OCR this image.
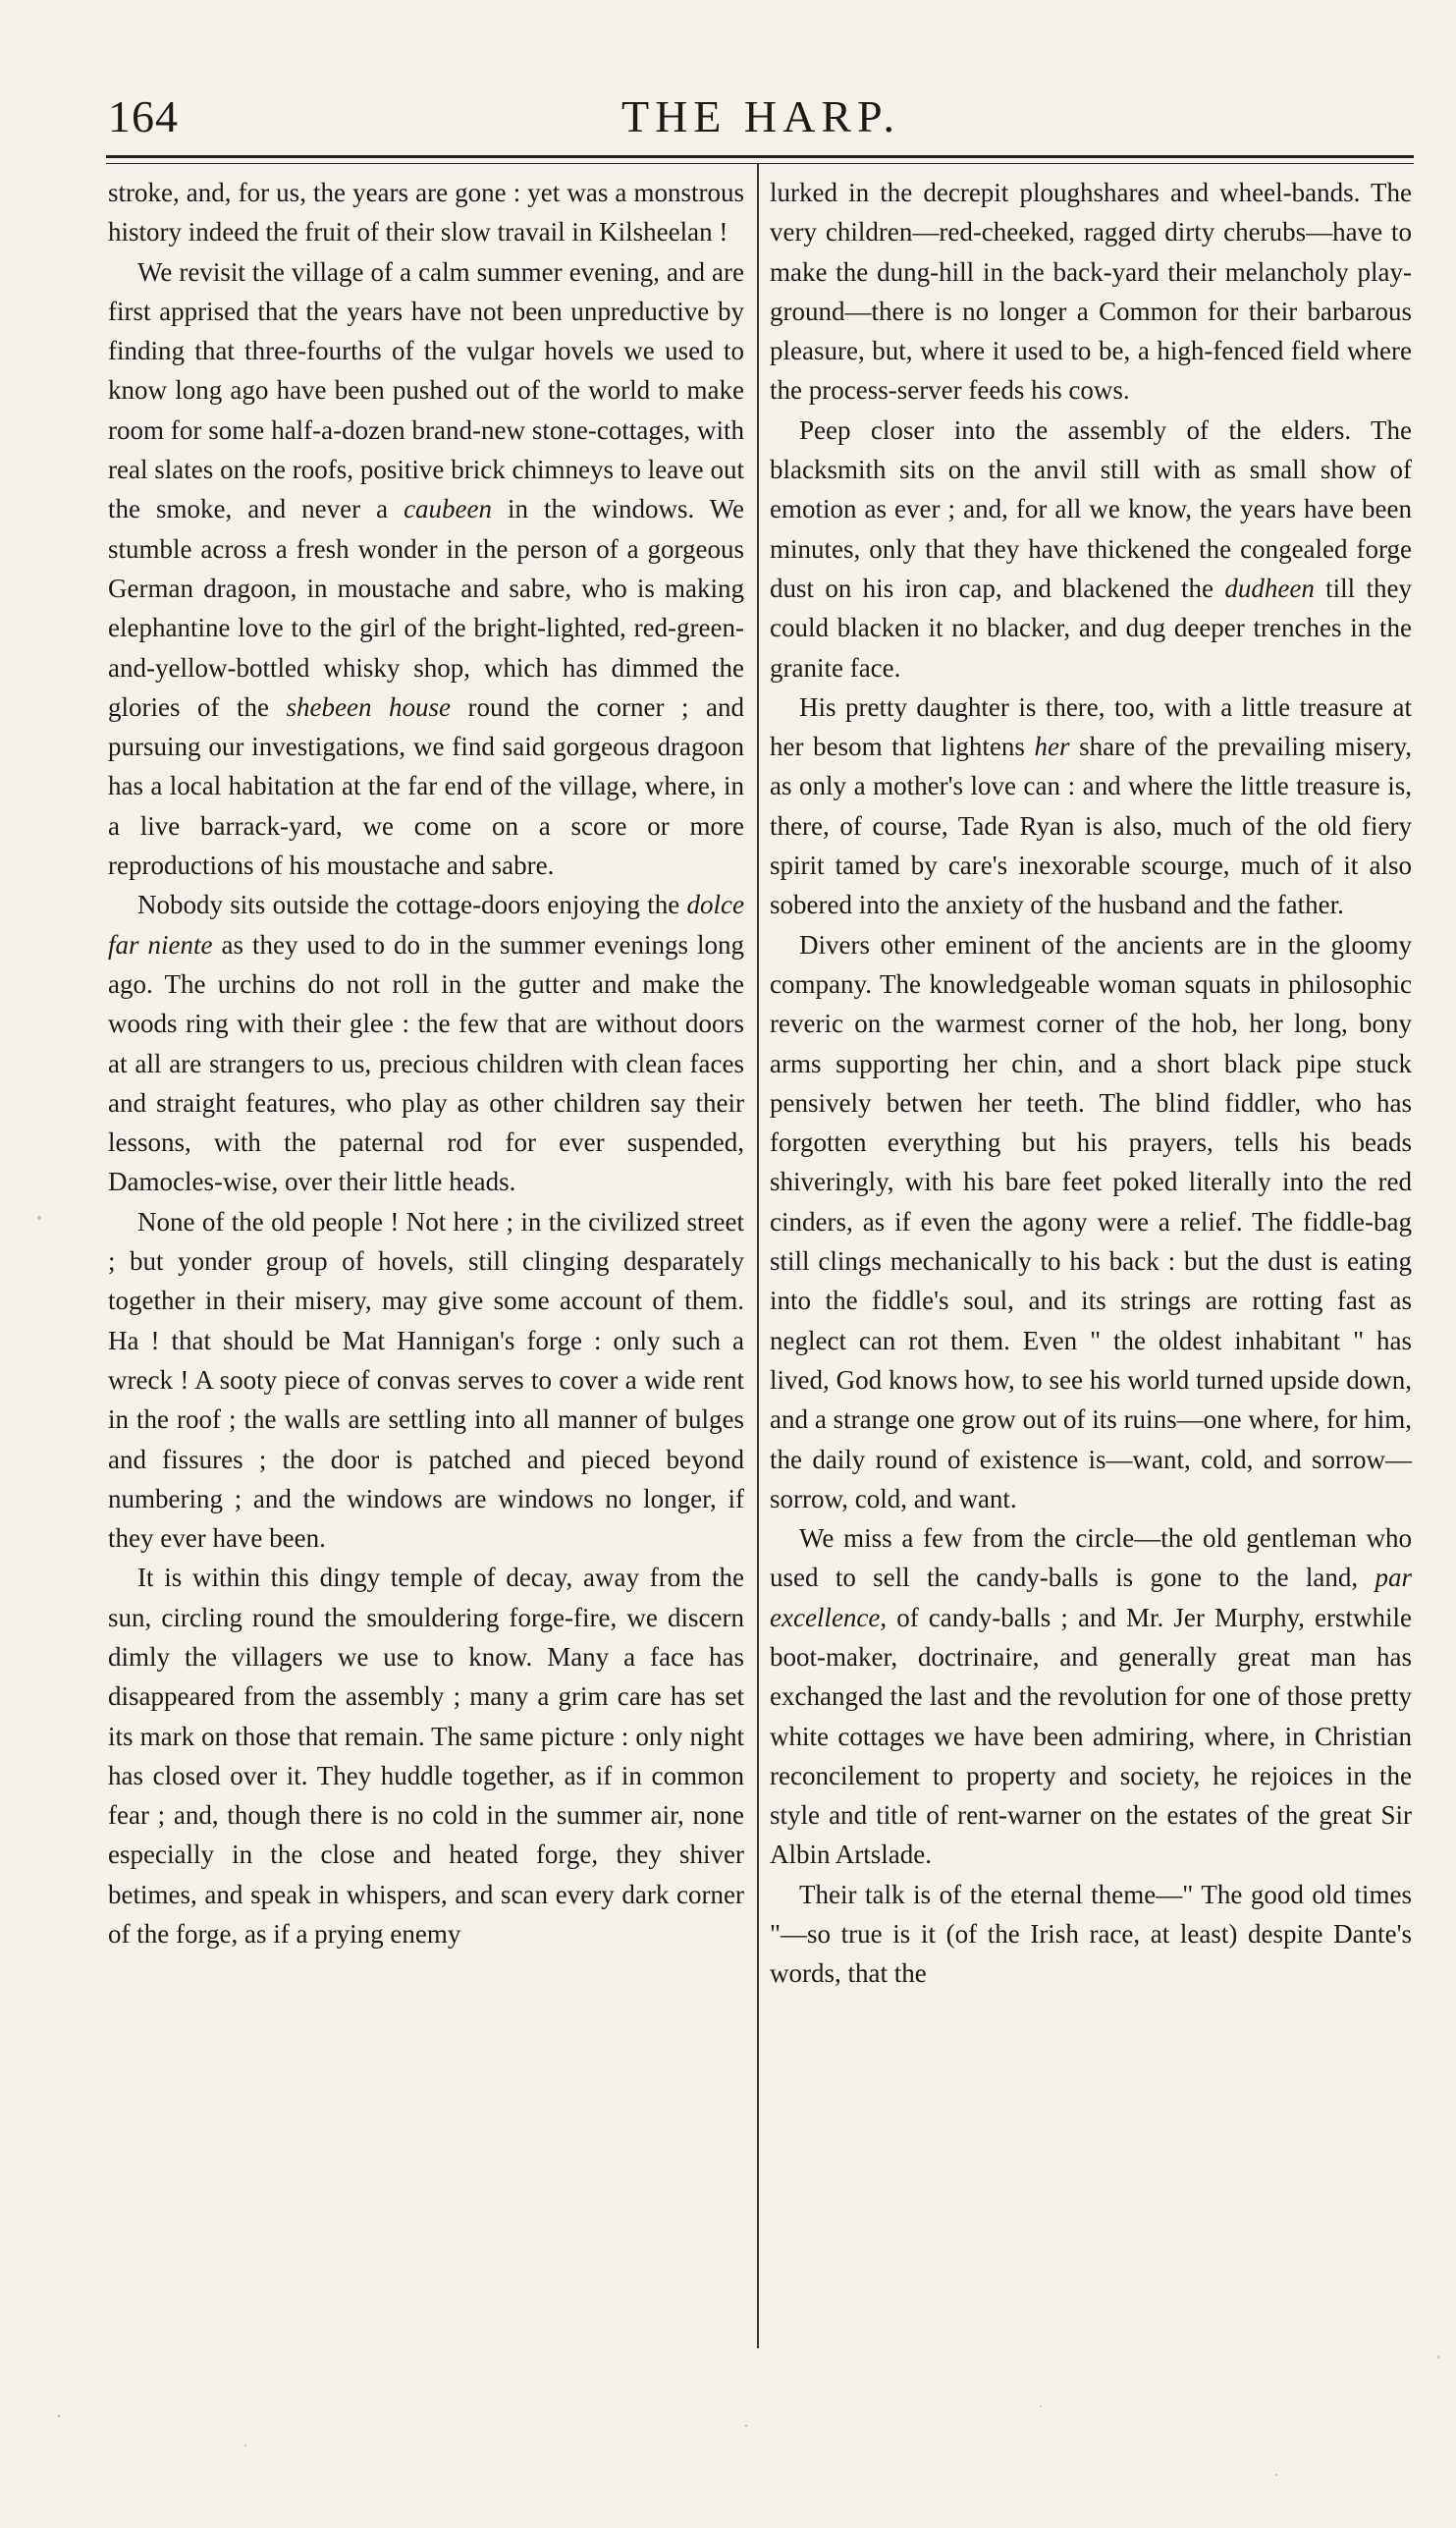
164	THE HARP.

stroke, and, for us, the years are gone : yet was a monstrous history indeed the fruit of their slow travail in Kilsheelan !

We revisit the village of a calm summer evening, and are first apprised that the years have not been unpreductive by finding that three-fourths of the vulgar hovels we used to know long ago have been pushed out of the world to make room for some half-a-dozen brand-new stone-cottages, with real slates on the roofs, positive brick chimneys to leave out the smoke, and never a caubeen in the windows. We stumble across a fresh wonder in the person of a gorgeous German dragoon, in moustache and sabre, who is making elephantine love to the girl of the bright-lighted, red-green-and-yellow-bottled whisky shop, which has dimmed the glories of the shebeen house round the corner ; and pursuing our investigations, we find said gorgeous dragoon has a local habitation at the far end of the village, where, in a live barrack-yard, we come on a score or more reproductions of his moustache and sabre.

Nobody sits outside the cottage-doors enjoying the dolce far niente as they used to do in the summer evenings long ago. The urchins do not roll in the gutter and make the woods ring with their glee : the few that are without doors at all are strangers to us, precious children with clean faces and straight features, who play as other children say their lessons, with the paternal rod for ever suspended, Damocles-wise, over their little heads.

None of the old people ! Not here ; in the civilized street ; but yonder group of hovels, still clinging desparately together in their misery, may give some account of them. Ha ! that should be Mat Hannigan's forge : only such a wreck ! A sooty piece of convas serves to cover a wide rent in the roof ; the walls are settling into all manner of bulges and fissures ; the door is patched and pieced beyond numbering ; and the windows are windows no longer, if they ever have been.

It is within this dingy temple of decay, away from the sun, circling round the smouldering forge-fire, we discern dimly the villagers we use to know. Many a face has disappeared from the assembly ; many a grim care has set its mark on those that remain. The same picture : only night has closed over it. They huddle together, as if in common fear ; and, though there is no cold in the summer air, none especially in the close and heated forge, they shiver betimes, and speak in whispers, and scan every dark corner of the forge, as if a prying enemy

lurked in the decrepit ploughshares and wheel-bands. The very children—red-cheeked, ragged dirty cherubs—have to make the dung-hill in the back-yard their melancholy play-ground—there is no longer a Common for their barbarous pleasure, but, where it used to be, a high-fenced field where the process-server feeds his cows.

Peep closer into the assembly of the elders. The blacksmith sits on the anvil still with as small show of emotion as ever ; and, for all we know, the years have been minutes, only that they have thickened the congealed forge dust on his iron cap, and blackened the dudheen till they could blacken it no blacker, and dug deeper trenches in the granite face.

His pretty daughter is there, too, with a little treasure at her besom that lightens her share of the prevailing misery, as only a mother's love can : and where the little treasure is, there, of course, Tade Ryan is also, much of the old fiery spirit tamed by care's inexorable scourge, much of it also sobered into the anxiety of the husband and the father.

Divers other eminent of the ancients are in the gloomy company. The knowledgeable woman squats in philosophic reveric on the warmest corner of the hob, her long, bony arms supporting her chin, and a short black pipe stuck pensively betwen her teeth. The blind fiddler, who has forgotten everything but his prayers, tells his beads shiveringly, with his bare feet poked literally into the red cinders, as if even the agony were a relief. The fiddle-bag still clings mechanically to his back : but the dust is eating into the fiddle's soul, and its strings are rotting fast as neglect can rot them. Even " the oldest inhabitant " has lived, God knows how, to see his world turned upside down, and a strange one grow out of its ruins—one where, for him, the daily round of existence is—want, cold, and sorrow—sorrow, cold, and want.

We miss a few from the circle—the old gentleman who used to sell the candy-balls is gone to the land, par excellence, of candy-balls ; and Mr. Jer Murphy, erstwhile boot-maker, doctrinaire, and generally great man has exchanged the last and the revolution for one of those pretty white cottages we have been admiring, where, in Christian reconcilement to property and society, he rejoices in the style and title of rent-warner on the estates of the great Sir Albin Artslade.

Their talk is of the eternal theme—" The good old times "—so true is it (of the Irish race, at least) despite Dante's words, that the
